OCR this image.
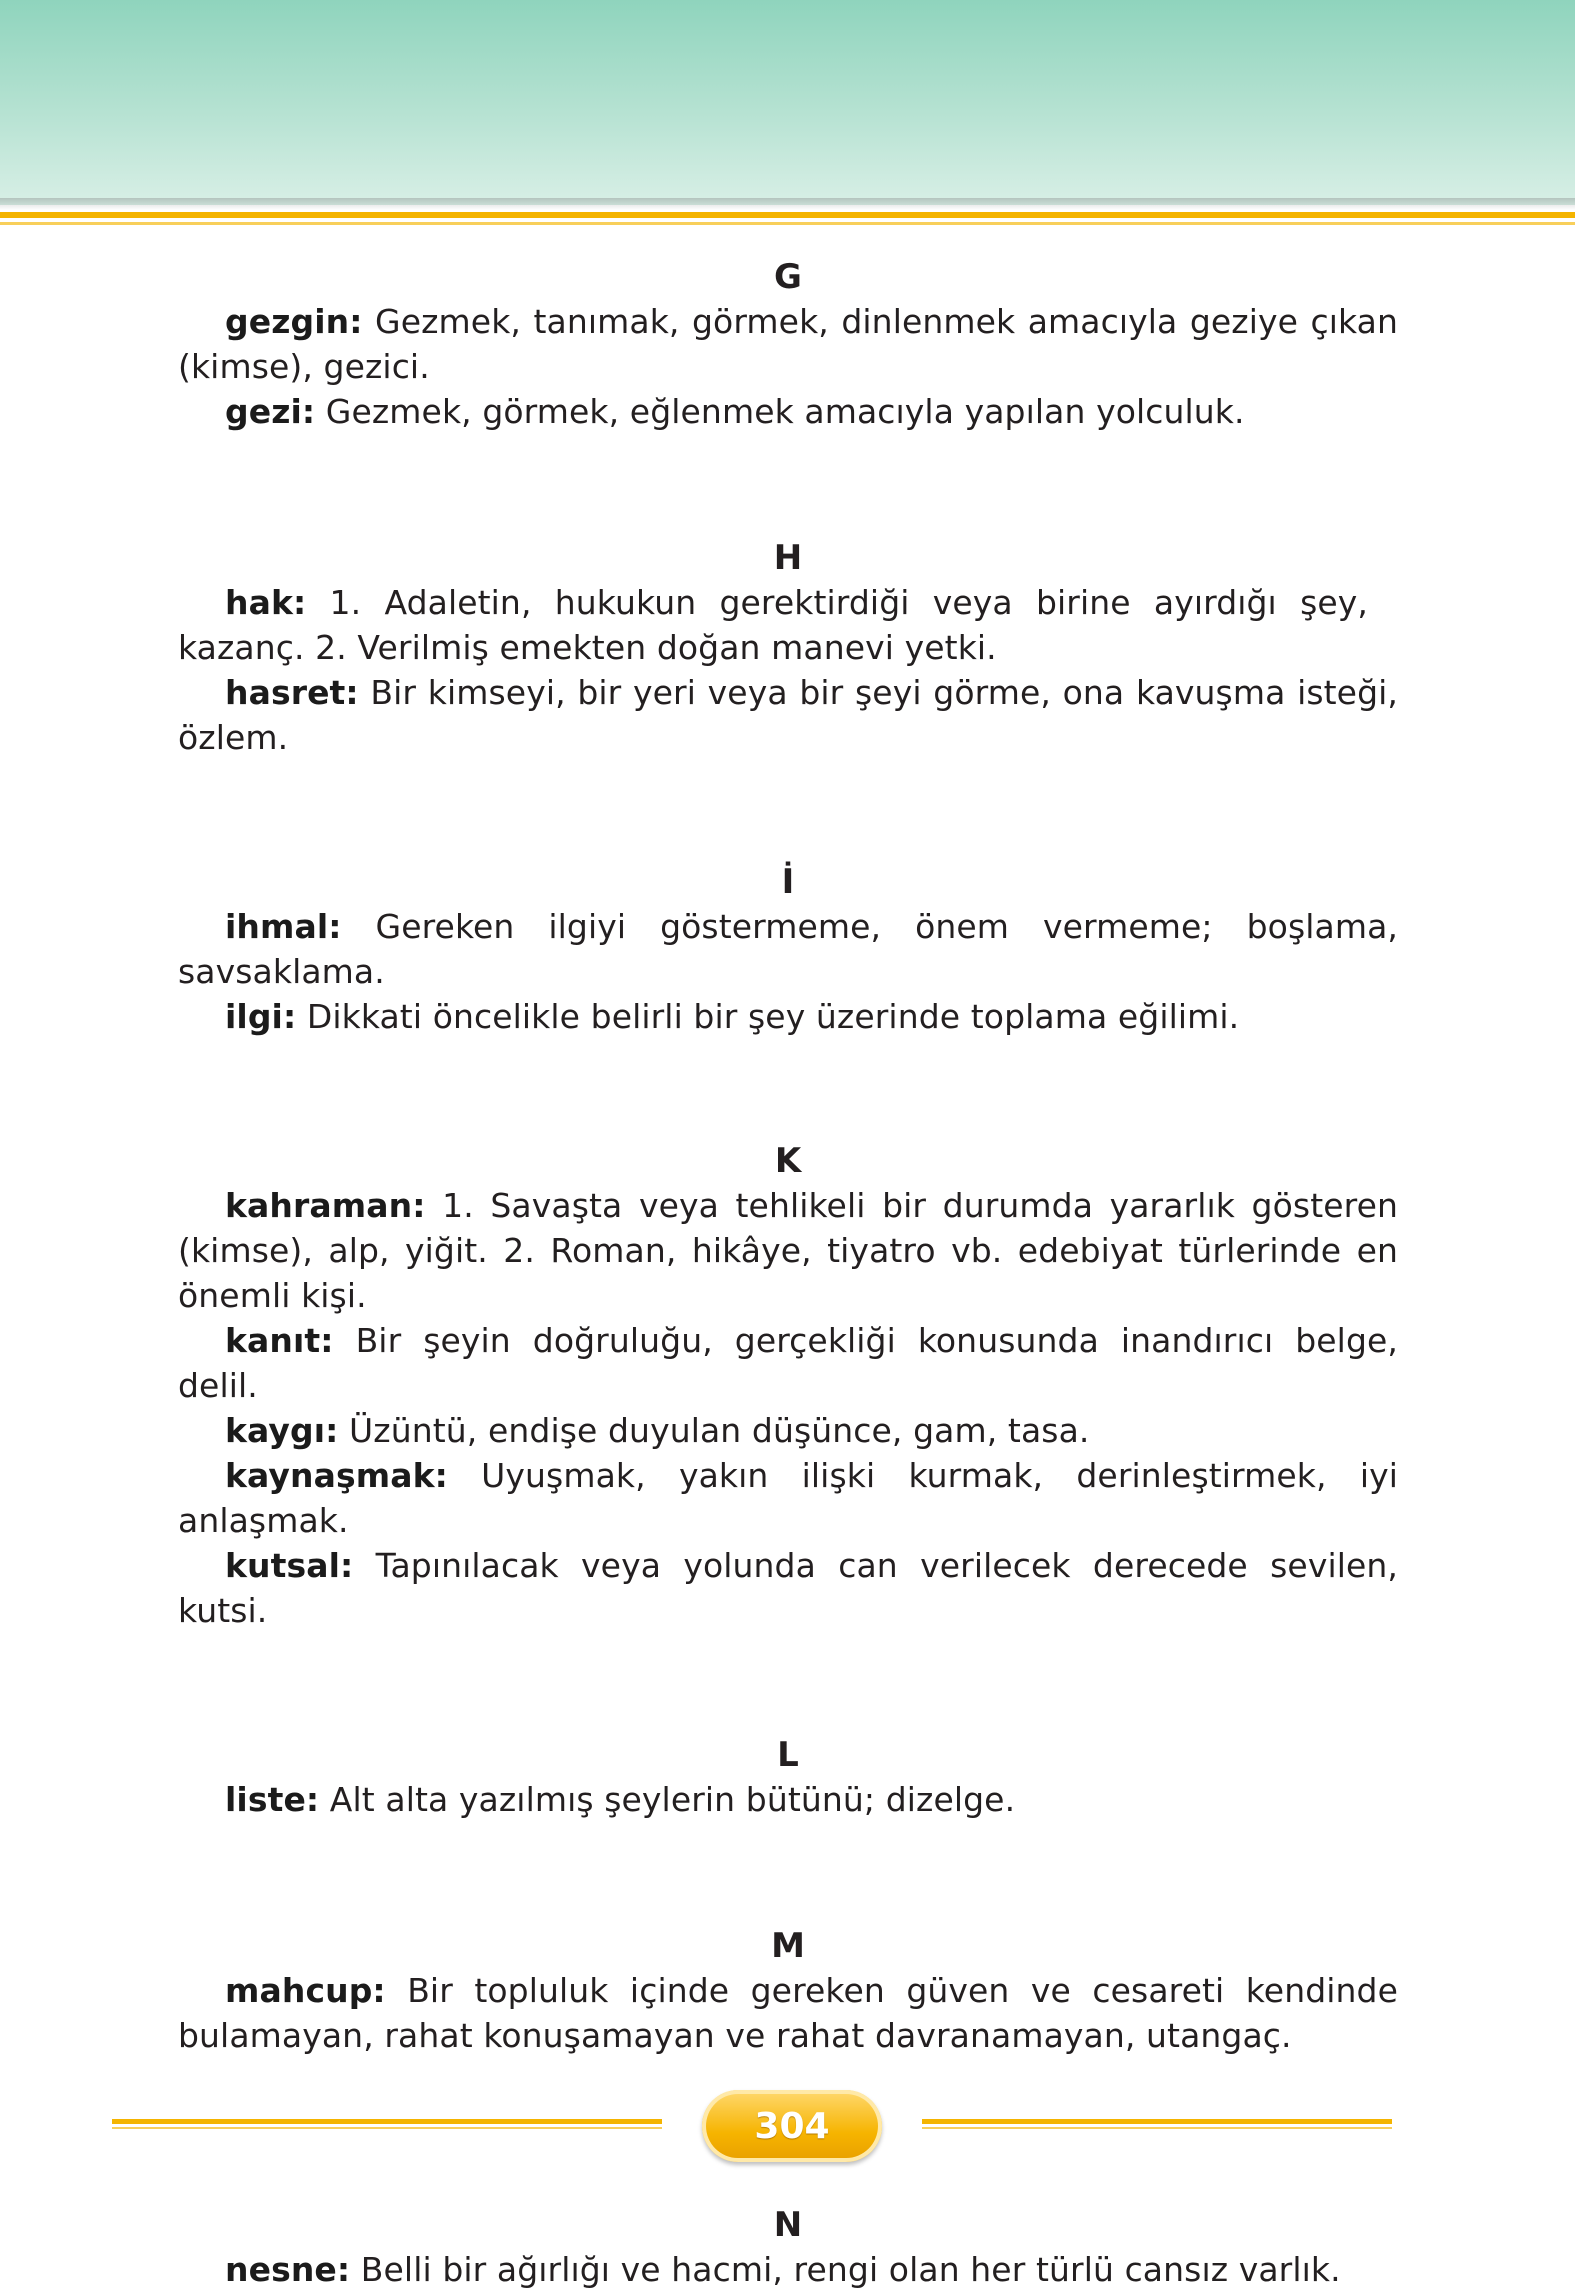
G

gezgin: Gezmek, tanımak, görmek, dinlenmek amacıyla geziye çıkan (kimse), gezici.

gezi: Gezmek, görmek, eğlenmek amacıyla yapılan yolculuk.

H

hak: 1. Adaletin, hukukun gerektirdiği veya birine ayırdığı şey, kazanç. 2. Verilmiş emekten doğan manevi yetki.

hasret: Bir kimseyi, bir yeri veya bir şeyi görme, ona kavuşma isteği, özlem.

İ

ihmal: Gereken ilgiyi göstermeme, önem vermeme; boşlama, savsaklama.

ilgi: Dikkati öncelikle belirli bir şey üzerinde toplama eğilimi.

K

kahraman: 1. Savaşta veya tehlikeli bir durumda yararlık gösteren (kimse), alp, yiğit. 2. Roman, hikâye, tiyatro vb. edebiyat türlerinde en önemli kişi.

kanıt: Bir şeyin doğruluğu, gerçekliği konusunda inandırıcı belge, delil.

kaygı: Üzüntü, endişe duyulan düşünce, gam, tasa.

kaynaşmak: Uyuşmak, yakın ilişki kurmak, derinleştirmek, iyi anlaşmak.

kutsal: Tapınılacak veya yolunda can verilecek derecede sevilen, kutsi.

L

liste: Alt alta yazılmış şeylerin bütünü; dizelge.

M

mahcup: Bir topluluk içinde gereken güven ve cesareti kendinde bulamayan, rahat konuşamayan ve rahat davranamayan, utangaç.

N

nesne: Belli bir ağırlığı ve hacmi, rengi olan her türlü cansız varlık.

304
